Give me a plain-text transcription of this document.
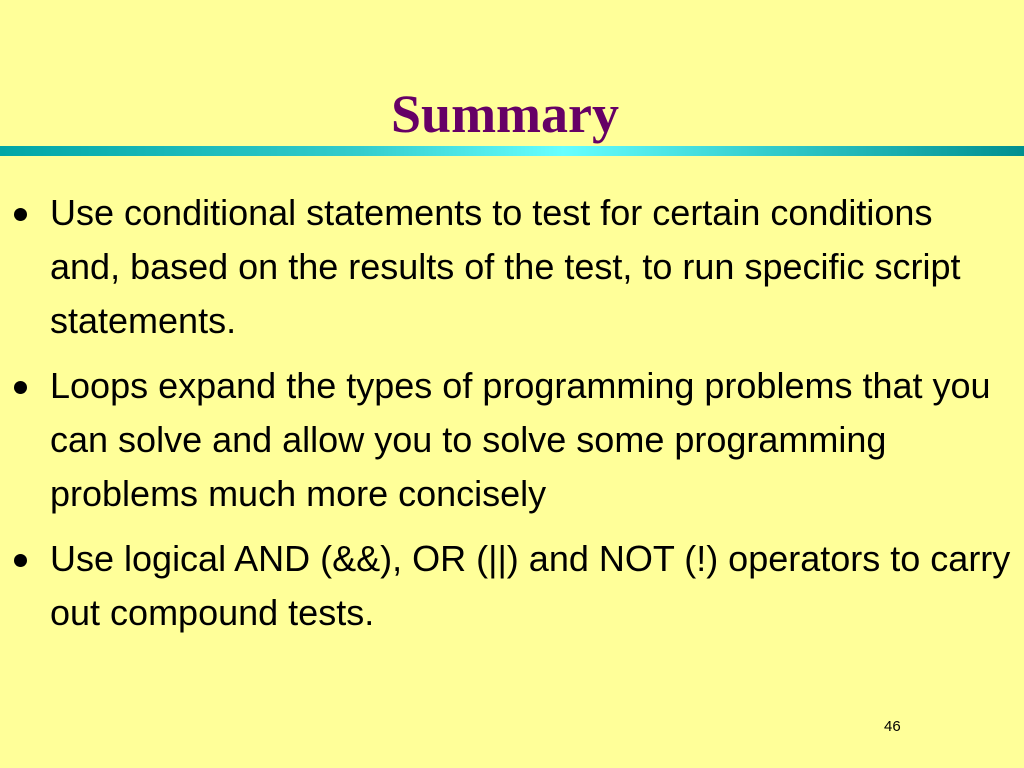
Summary
Use conditional statements to test for certain conditions and, based on the results of the test, to run specific script statements.
Loops expand the types of programming problems that you can solve and allow you to solve some programming problems much more concisely
Use logical AND (&&), OR (||) and NOT (!) operators to carry out compound tests.
46
